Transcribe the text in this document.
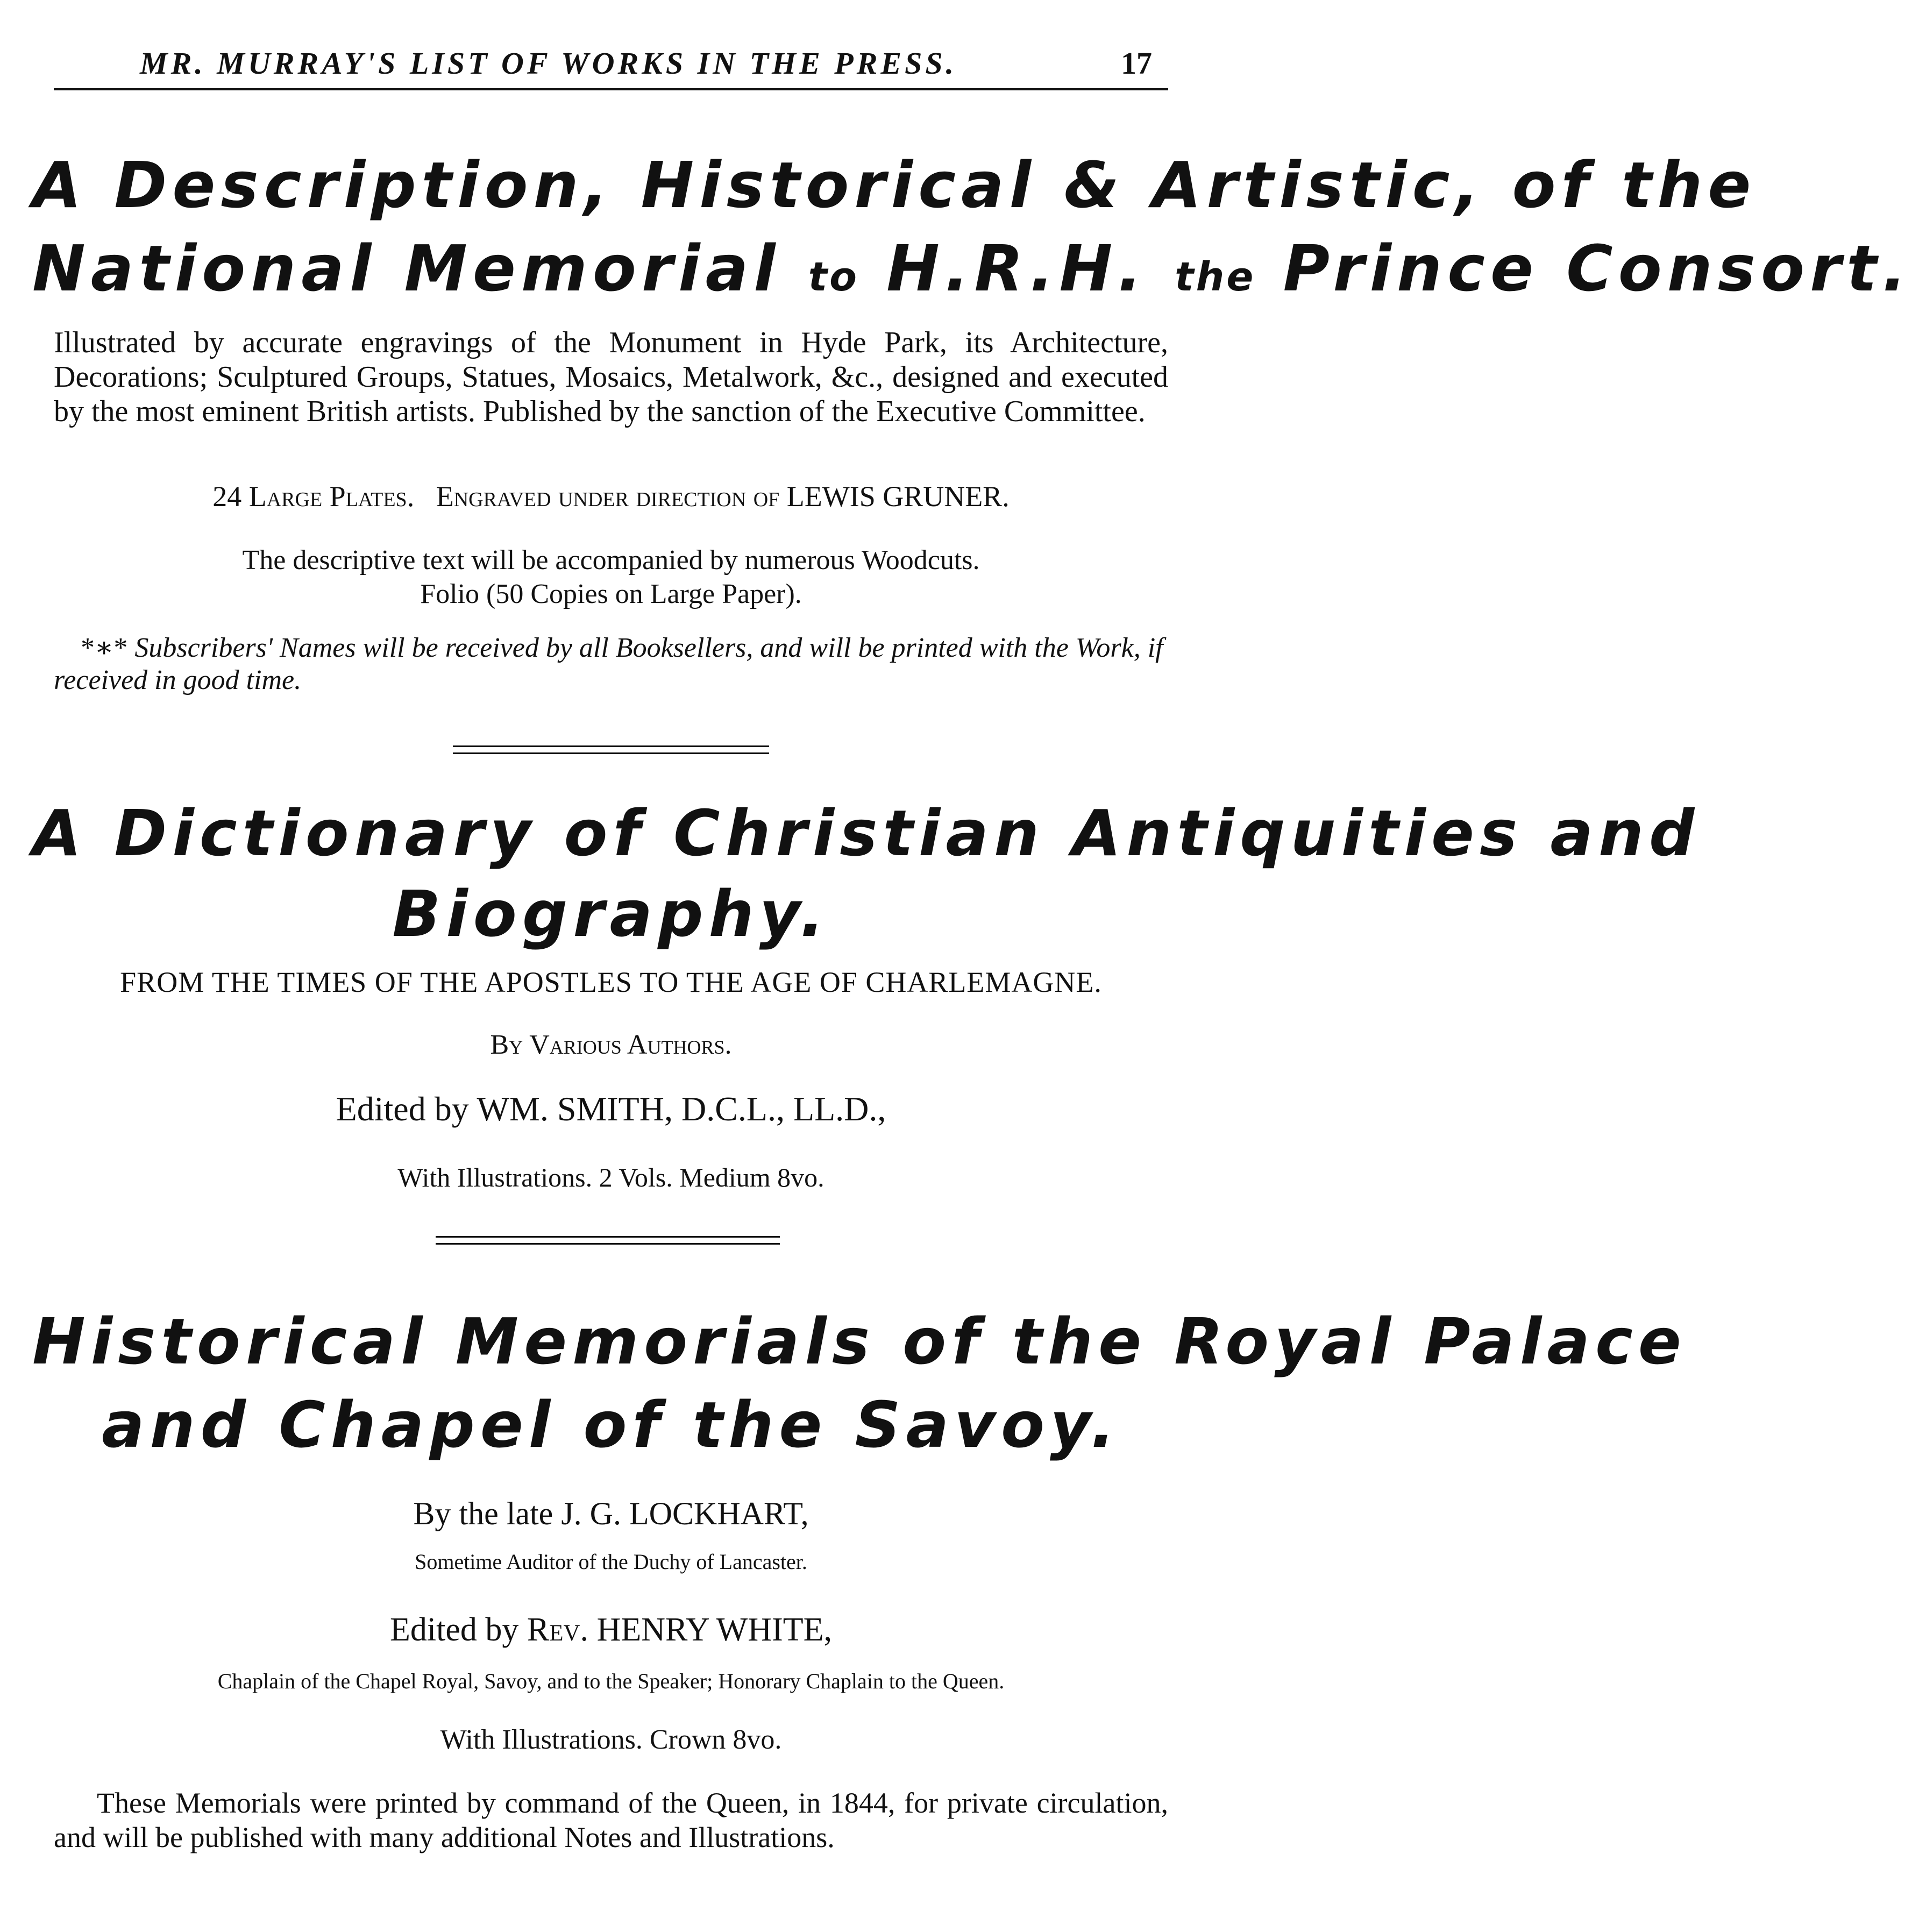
MR. MURRAY'S LIST OF WORKS IN THE PRESS.	17
A Description, Historical & Artistic, of the
National Memorial to H.R.H. the Prince Consort.
Illustrated by accurate engravings of the Monument in Hyde Park, its Architecture, Decorations; Sculptured Groups, Statues, Mosaics, Metalwork, &c., designed and executed by the most eminent British artists. Published by the sanction of the Executive Committee.
24 Large Plates. Engraved under direction of LEWIS GRUNER.
The descriptive text will be accompanied by numerous Woodcuts.
Folio (50 Copies on Large Paper).
*∗* Subscribers' Names will be received by all Booksellers, and will be printed with the Work, if received in good time.
A Dictionary of Christian Antiquities and
Biography.
FROM THE TIMES OF THE APOSTLES TO THE AGE OF CHARLEMAGNE.
By Various Authors.
Edited by WM. SMITH, D.C.L., LL.D.,
With Illustrations. 2 Vols. Medium 8vo.
Historical Memorials of the Royal Palace
and Chapel of the Savoy.
By the late J. G. LOCKHART,
Sometime Auditor of the Duchy of Lancaster.
Edited by Rev. HENRY WHITE,
Chaplain of the Chapel Royal, Savoy, and to the Speaker; Honorary Chaplain to the Queen.
With Illustrations. Crown 8vo.
These Memorials were printed by command of the Queen, in 1844, for private circulation, and will be published with many additional Notes and Illustrations.
